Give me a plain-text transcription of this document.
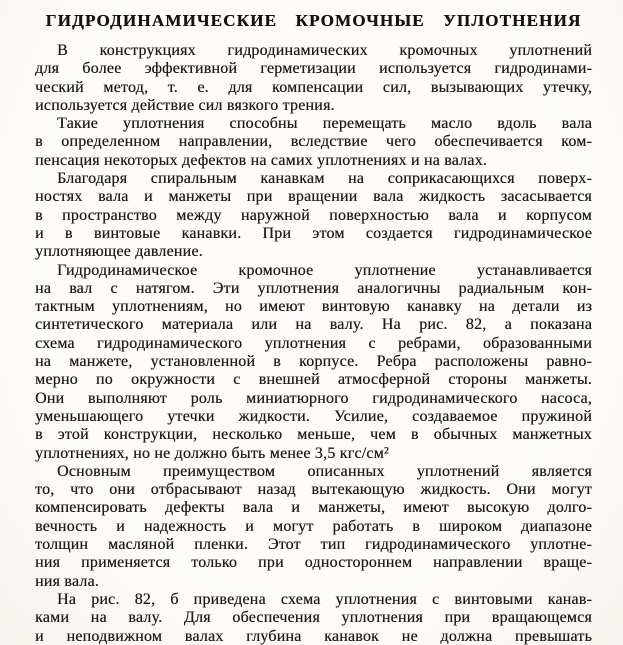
ГИДРОДИНАМИЧЕСКИЕ КРОМОЧНЫЕ УПЛОТНЕНИЯ
В конструкциях гидродинамических кромочных уплотнений
для более эффективной герметизации используется гидродинами-
ческий метод, т. е. для компенсации сил, вызывающих утечку,
используется действие сил вязкого трения.
Такие уплотнения способны перемещать масло вдоль вала
в определенном направлении, вследствие чего обеспечивается ком-
пенсация некоторых дефектов на самих уплотнениях и на валах.
Благодаря спиральным канавкам на соприкасающихся поверх-
ностях вала и манжеты при вращении вала жидкость засасывается
в пространство между наружной поверхностью вала и корпусом
и в винтовые канавки. При этом создается гидродинамическое
уплотняющее давление.
Гидродинамическое кромочное уплотнение устанавливается
на вал с натягом. Эти уплотнения аналогичны радиальным кон-
тактным уплотнениям, но имеют винтовую канавку на детали из
синтетического материала или на валу. На рис. 82, а показана
схема гидродинамического уплотнения с ребрами, образованными
на манжете, установленной в корпусе. Ребра расположены равно-
мерно по окружности с внешней атмосферной стороны манжеты.
Они выполняют роль миниатюрного гидродинамического насоса,
уменьшающего утечки жидкости. Усилие, создаваемое пружиной
в этой конструкции, несколько меньше, чем в обычных манжетных
уплотнениях, но не должно быть менее 3,5 кгс/см²
Основным преимуществом описанных уплотнений является
то, что они отбрасывают назад вытекающую жидкость. Они могут
компенсировать дефекты вала и манжеты, имеют высокую долго-
вечность и надежность и могут работать в широком диапазоне
толщин масляной пленки. Этот тип гидродинамического уплотне-
ния применяется только при одностороннем направлении враще-
ния вала.
На рис. 82, б приведена схема уплотнения с винтовыми канав-
ками на валу. Для обеспечения уплотнения при вращающемся
и неподвижном валах глубина канавок не должна превышать
